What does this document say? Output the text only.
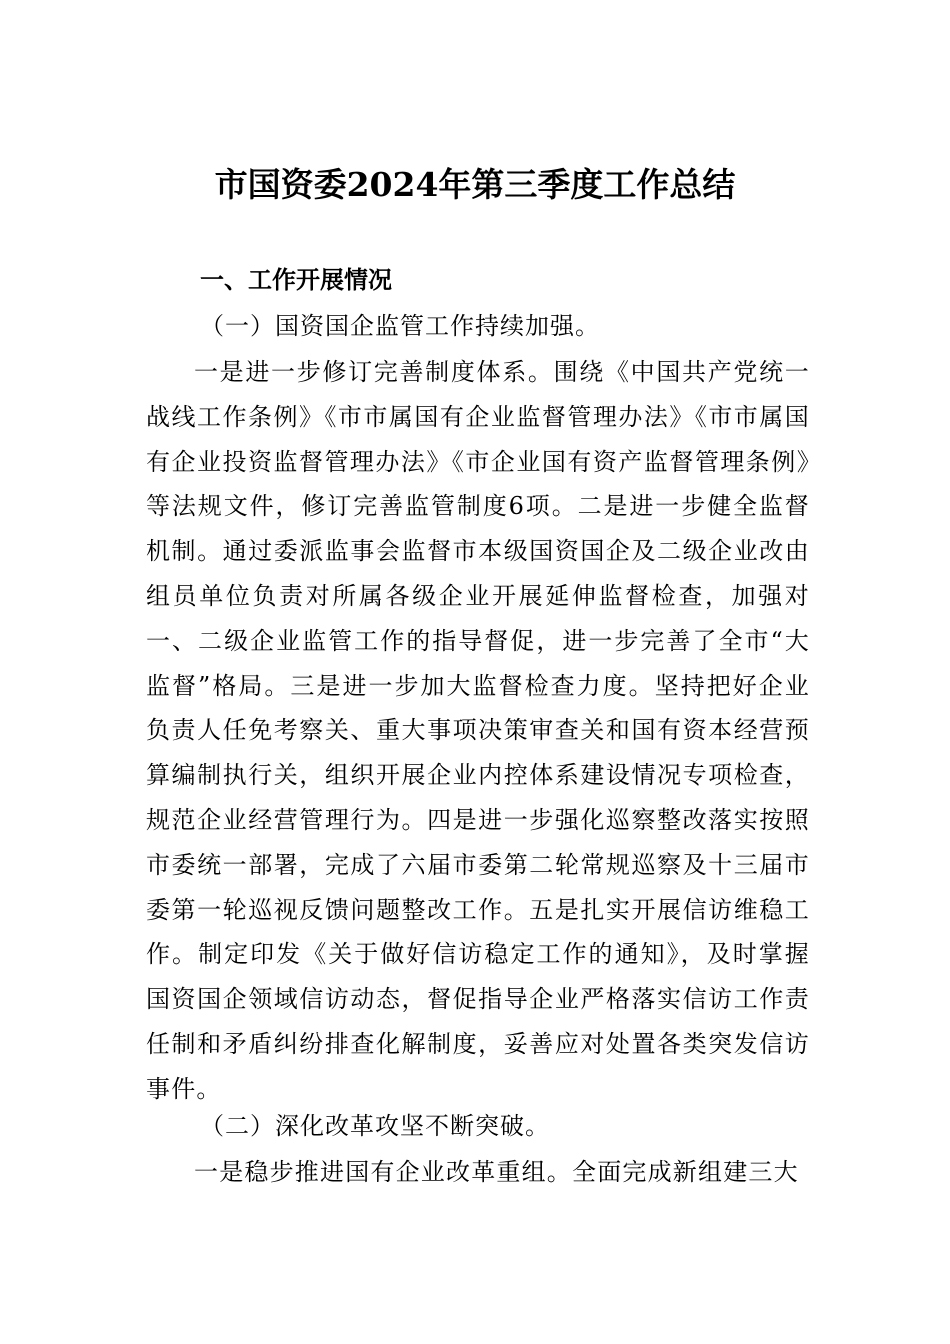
市国资委2024年第三季度工作总结
一、工作开展情况
（一）国资国企监管工作持续加强。

一是进一步修订完善制度体系。围绕《中国共产党统一战线工作条例》《市市属国有企业监督管理办法》《市市属国有企业投资监督管理办法》《市企业国有资产监督管理条例》等法规文件，修订完善监管制度6项。二是进一步健全监督机制。通过委派监事会监督市本级国资国企及二级企业改由组员单位负责对所属各级企业开展延伸监督检查，加强对一、二级企业监管工作的指导督促，进一步完善了全市“大监督”格局。三是进一步加大监督检查力度。坚持把好企业负责人任免考察关、重大事项决策审查关和国有资本经营预算编制执行关，组织开展企业内控体系建设情况专项检查，规范企业经营管理行为。四是进一步强化巡察整改落实按照市委统一部署，完成了六届市委第二轮常规巡察及十三届市委第一轮巡视反馈问题整改工作。五是扎实开展信访维稳工作。制定印发《关于做好信访稳定工作的通知》，及时掌握国资国企领域信访动态，督促指导企业严格落实信访工作责任制和矛盾纠纷排查化解制度，妥善应对处置各类突发信访事件。

（二）深化改革攻坚不断突破。

一是稳步推进国有企业改革重组。全面完成新组建三大
